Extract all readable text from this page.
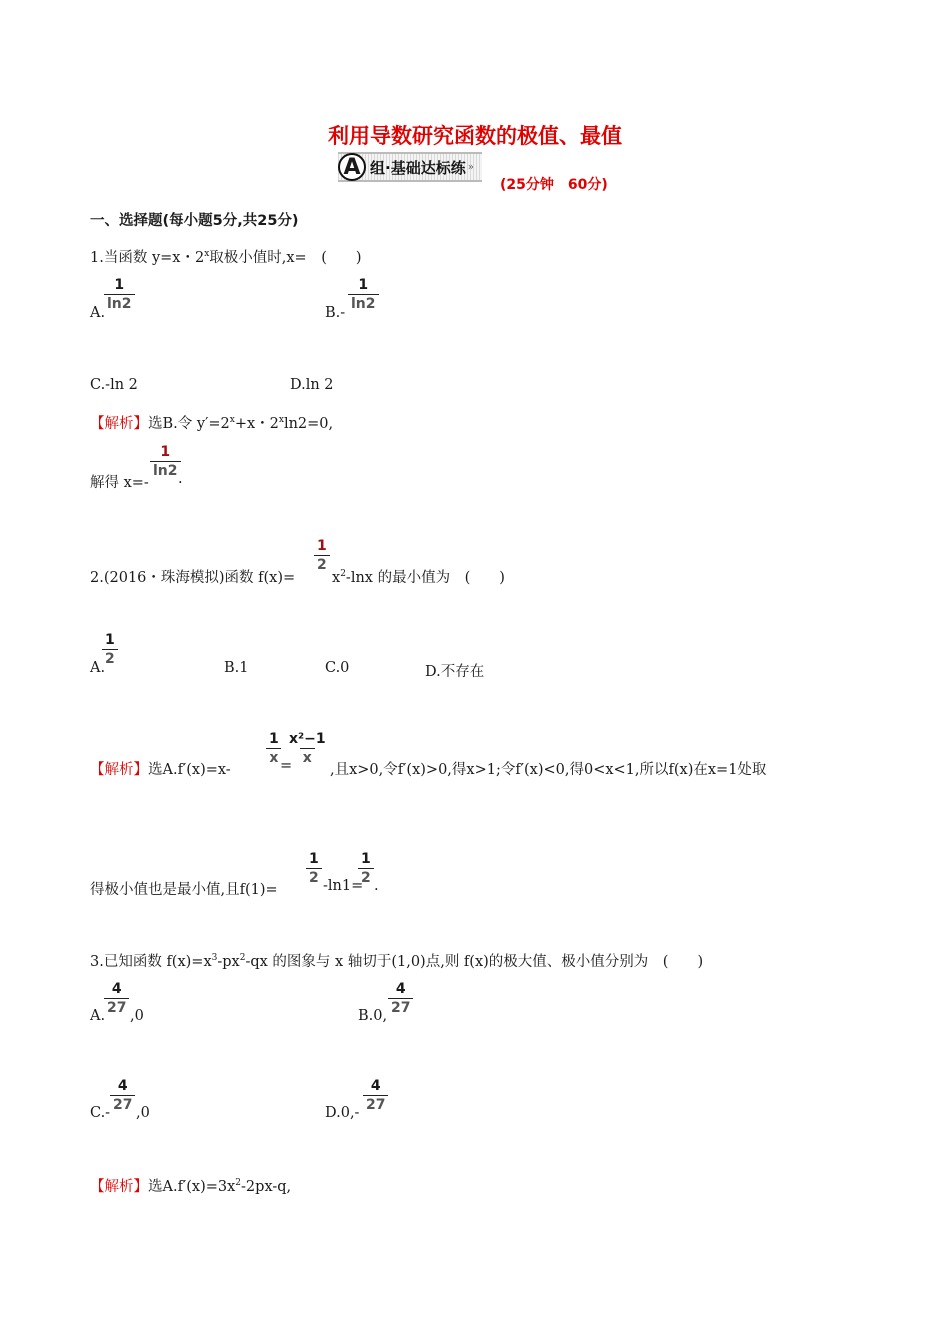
利用导数研究函数的极值、最值
A 组·基础达标练 »
(25分钟　60分)
一、选择题(每小题5分,共25分)
1.当函数 y=x・2$^x$取极小值时,x=　(　　)
A.
$\frac{1}{\ln 2}$	$B.- \frac{1}{\ln 2}$
C.-ln 2	D.ln 2
【解析】选B.令 $y'=2^x+x$・$2^x\ln 2=0$,
解得 x=-
$\frac{1}{\ln 2}$
.
2.(2016・珠海模拟)函数 f(x)=
$\frac{1}{2}$
$x^2$-lnx 的最小值为　(　　)
A.
$\frac{1}{2}$	B.1	C.0	D.不存在
【解析】选A.f′(x)=x-
$\frac{1}{x}$
=
$\frac{\text{x²−1}}{x}$
,且x>0,令f′(x)>0,得x>1;令f′(x)<0,得0<x<1,所以f(x)在x=1处取
得极小值也是最小值,且f(1)=
$\frac{1}{2} -\ln 1=$
$\frac{1}{2}$ .
3.已知函数 $f(x)=x^3-px^2-qx$ 的图象与 x 轴切于(1,0)点,则 f(x)的极大值、极小值分别为　(　　)
A.
$\frac{4}{27} ,0$	B.0, $\frac{4}{27}$
$C.- \frac{4}{27} ,0$	$D.0,- \frac{4}{27}$
【解析】选$A.f'(x)=3x^2-2px-q$,
